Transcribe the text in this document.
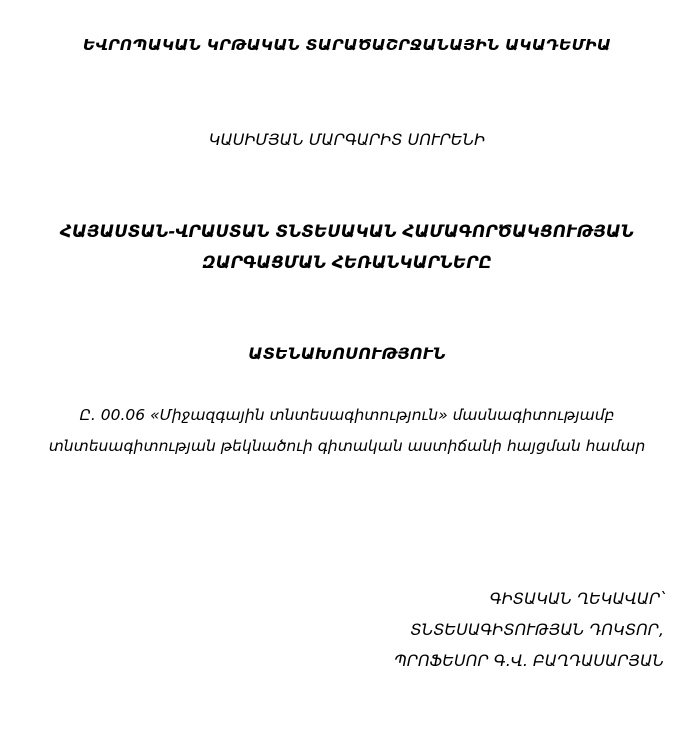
ԵՎՐՈՊԱԿԱՆ ԿՐԹԱԿԱՆ ՏԱՐԱԾԱՇՐՋԱՆԱՅԻՆ ԱԿԱԴԵՄԻԱ
ԿԱՍԻՄՅԱՆ ՄԱՐԳԱՐԻՏ ՍՈՒՐԵՆԻ
ՀԱՅԱՍՏԱՆ-ՎՐԱՍՏԱՆ ՏՆՏԵՍԱԿԱՆ ՀԱՄԱԳՈՐԾԱԿՑՈՒԹՅԱՆ
ԶԱՐԳԱՑՄԱՆ ՀԵՌԱՆԿԱՐՆԵՐԸ
ԱՏԵՆԱԽՈՍՈՒԹՅՈՒՆ
Ը. 00.06 «Միջազգային տնտեսագիտություն» մասնագիտությամբ
տնտեսագիտության թեկնածուի գիտական աստիճանի հայցման համար
ԳԻՏԱԿԱՆ ՂԵԿԱՎԱՐ՝
ՏՆՏԵՍԱԳԻՏՈՒԹՅԱՆ ԴՈԿՏՈՐ,
ՊՐՈՖԵՍՈՐ Գ.Վ. ԲԱՂԴԱՍԱՐՅԱՆ
